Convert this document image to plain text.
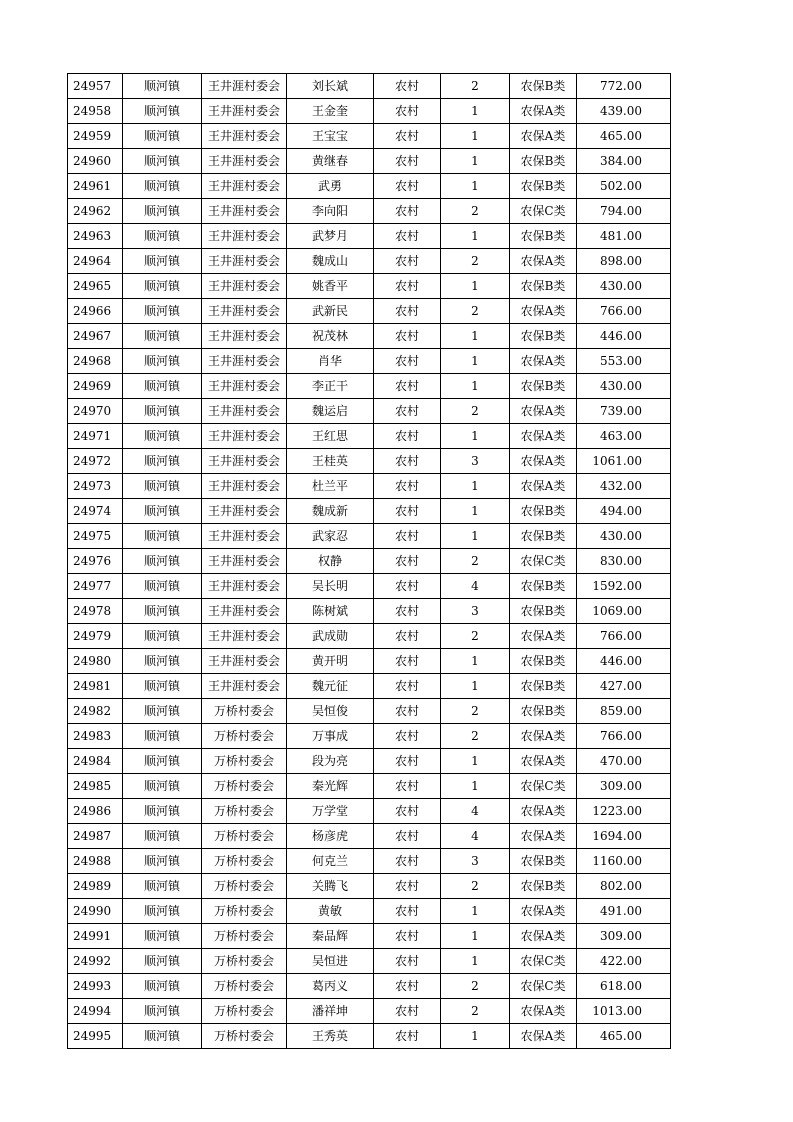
24957	顺河镇	王井涯村委会	刘长斌	农村	2	农保B类	772.00
24958	顺河镇	王井涯村委会	王金奎	农村	1	农保A类	439.00
24959	顺河镇	王井涯村委会	王宝宝	农村	1	农保A类	465.00
24960	顺河镇	王井涯村委会	黄继春	农村	1	农保B类	384.00
24961	顺河镇	王井涯村委会	武勇	农村	1	农保B类	502.00
24962	顺河镇	王井涯村委会	李向阳	农村	2	农保C类	794.00
24963	顺河镇	王井涯村委会	武梦月	农村	1	农保B类	481.00
24964	顺河镇	王井涯村委会	魏成山	农村	2	农保A类	898.00
24965	顺河镇	王井涯村委会	姚香平	农村	1	农保B类	430.00
24966	顺河镇	王井涯村委会	武新民	农村	2	农保A类	766.00
24967	顺河镇	王井涯村委会	祝茂林	农村	1	农保B类	446.00
24968	顺河镇	王井涯村委会	肖华	农村	1	农保A类	553.00
24969	顺河镇	王井涯村委会	李正干	农村	1	农保B类	430.00
24970	顺河镇	王井涯村委会	魏运启	农村	2	农保A类	739.00
24971	顺河镇	王井涯村委会	王红思	农村	1	农保A类	463.00
24972	顺河镇	王井涯村委会	王桂英	农村	3	农保A类	1061.00
24973	顺河镇	王井涯村委会	杜兰平	农村	1	农保A类	432.00
24974	顺河镇	王井涯村委会	魏成新	农村	1	农保B类	494.00
24975	顺河镇	王井涯村委会	武家忍	农村	1	农保B类	430.00
24976	顺河镇	王井涯村委会	权静	农村	2	农保C类	830.00
24977	顺河镇	王井涯村委会	吴长明	农村	4	农保B类	1592.00
24978	顺河镇	王井涯村委会	陈树斌	农村	3	农保B类	1069.00
24979	顺河镇	王井涯村委会	武成勋	农村	2	农保A类	766.00
24980	顺河镇	王井涯村委会	黄开明	农村	1	农保B类	446.00
24981	顺河镇	王井涯村委会	魏元征	农村	1	农保B类	427.00
24982	顺河镇	万桥村委会	吴恒俊	农村	2	农保B类	859.00
24983	顺河镇	万桥村委会	万事成	农村	2	农保A类	766.00
24984	顺河镇	万桥村委会	段为亮	农村	1	农保A类	470.00
24985	顺河镇	万桥村委会	秦光辉	农村	1	农保C类	309.00
24986	顺河镇	万桥村委会	万学堂	农村	4	农保A类	1223.00
24987	顺河镇	万桥村委会	杨彦虎	农村	4	农保A类	1694.00
24988	顺河镇	万桥村委会	何克兰	农村	3	农保B类	1160.00
24989	顺河镇	万桥村委会	关腾飞	农村	2	农保B类	802.00
24990	顺河镇	万桥村委会	黄敏	农村	1	农保A类	491.00
24991	顺河镇	万桥村委会	秦品辉	农村	1	农保A类	309.00
24992	顺河镇	万桥村委会	吴恒进	农村	1	农保C类	422.00
24993	顺河镇	万桥村委会	葛丙义	农村	2	农保C类	618.00
24994	顺河镇	万桥村委会	潘祥坤	农村	2	农保A类	1013.00
24995	顺河镇	万桥村委会	王秀英	农村	1	农保A类	465.00
